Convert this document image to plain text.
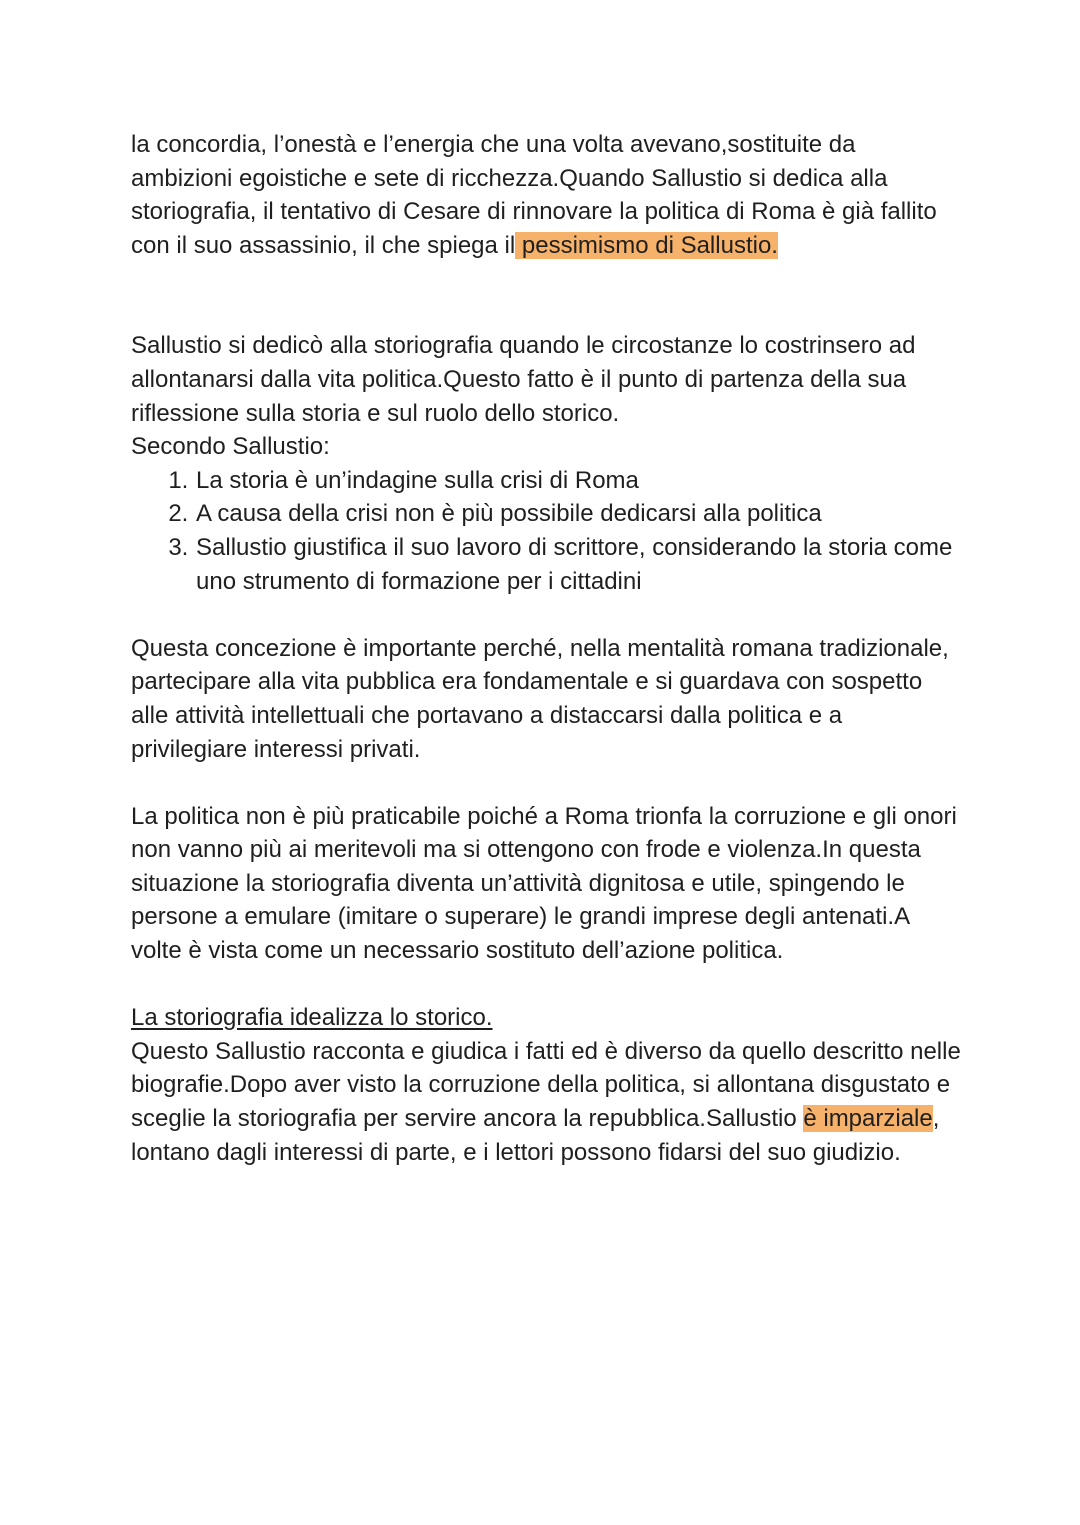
la concordia, l’onestà e l’energia che una volta avevano,sostituite da ambizioni egoistiche e sete di ricchezza.Quando Sallustio si dedica alla storiografia, il tentativo di Cesare di rinnovare la politica di Roma è già fallito con il suo assassinio, il che spiega il pessimismo di Sallustio.

Sallustio si dedicò alla storiografia quando le circostanze lo costrinsero ad allontanarsi dalla vita politica.Questo fatto è il punto di partenza della sua riflessione sulla storia e sul ruolo dello storico.

Secondo Sallustio:

1. La storia è un’indagine sulla crisi di Roma
2. A causa della crisi non è più possibile dedicarsi alla politica
3. Sallustio giustifica il suo lavoro di scrittore, considerando la storia come uno strumento di formazione per i cittadini

Questa concezione è importante perché, nella mentalità romana tradizionale, partecipare alla vita pubblica era fondamentale e si guardava con sospetto alle attività intellettuali che portavano a distaccarsi dalla politica e a privilegiare interessi privati.

La politica non è più praticabile poiché a Roma trionfa la corruzione e gli onori non vanno più ai meritevoli ma si ottengono con frode e violenza.In questa situazione la storiografia diventa un’attività dignitosa e utile, spingendo le persone a emulare (imitare o superare) le grandi imprese degli antenati.A volte è vista come un necessario sostituto dell’azione politica.

La storiografia idealizza lo storico.

Questo Sallustio racconta e giudica i fatti ed è diverso da quello descritto nelle biografie.Dopo aver visto la corruzione della politica, si allontana disgustato e sceglie la storiografia per servire ancora la repubblica.Sallustio è imparziale, lontano dagli interessi di parte, e i lettori possono fidarsi del suo giudizio.
